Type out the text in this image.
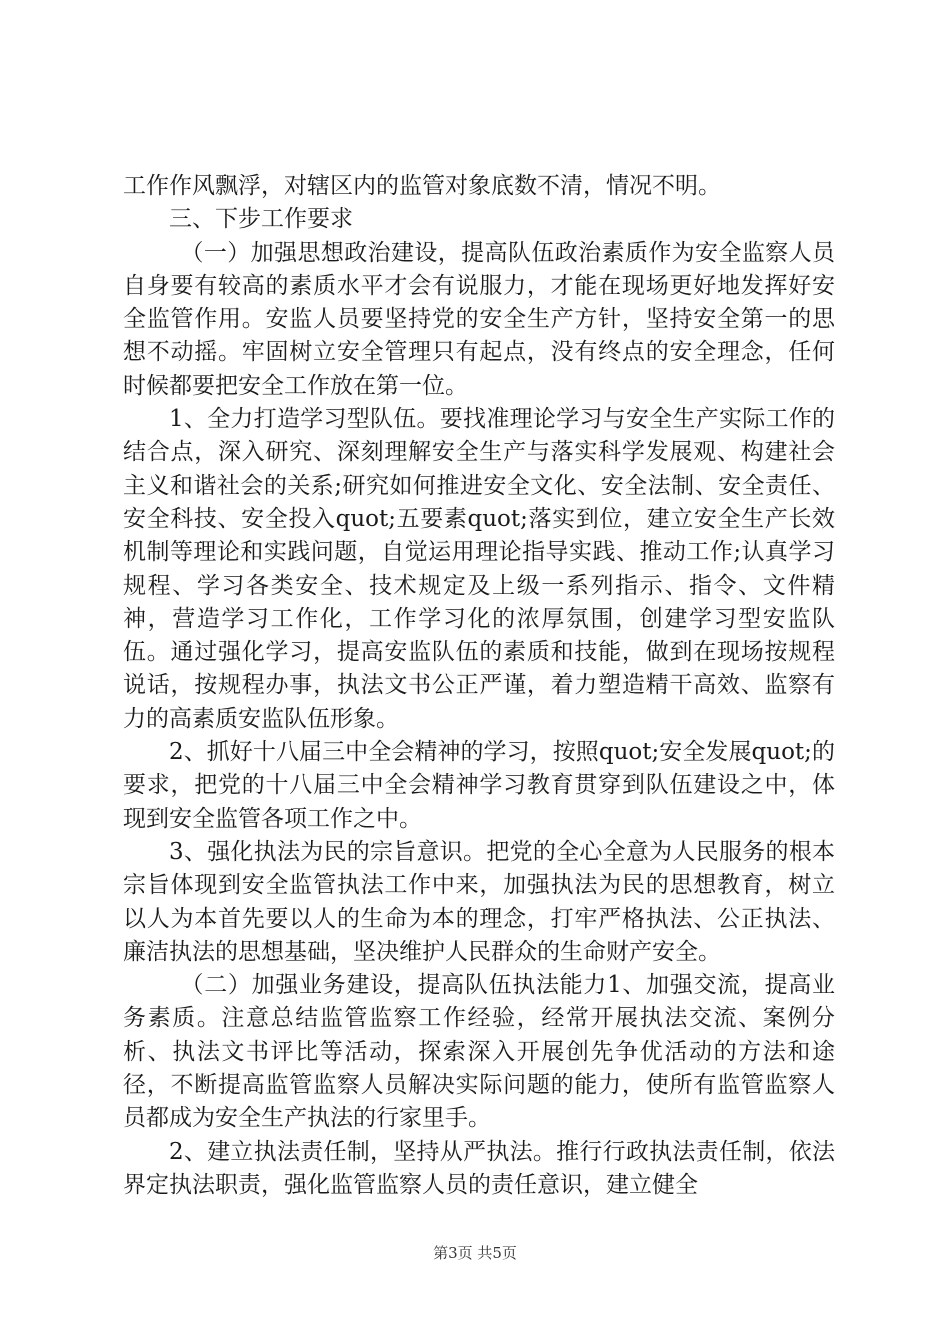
工作作风飘浮，对辖区内的监管对象底数不清，情况不明。

三、下步工作要求

（一）加强思想政治建设，提高队伍政治素质作为安全监察人员自身要有较高的素质水平才会有说服力，才能在现场更好地发挥好安全监管作用。安监人员要坚持党的安全生产方针，坚持安全第一的思想不动摇。牢固树立安全管理只有起点，没有终点的安全理念，任何时候都要把安全工作放在第一位。

1、全力打造学习型队伍。要找准理论学习与安全生产实际工作的结合点，深入研究、深刻理解安全生产与落实科学发展观、构建社会主义和谐社会的关系;研究如何推进安全文化、安全法制、安全责任、安全科技、安全投入quot;五要素quot;落实到位，建立安全生产长效机制等理论和实践问题，自觉运用理论指导实践、推动工作;认真学习规程、学习各类安全、技术规定及上级一系列指示、指令、文件精神，营造学习工作化，工作学习化的浓厚氛围，创建学习型安监队伍。通过强化学习，提高安监队伍的素质和技能，做到在现场按规程说话，按规程办事，执法文书公正严谨，着力塑造精干高效、监察有力的高素质安监队伍形象。

2、抓好十八届三中全会精神的学习，按照quot;安全发展quot;的要求，把党的十八届三中全会精神学习教育贯穿到队伍建设之中，体现到安全监管各项工作之中。

3、强化执法为民的宗旨意识。把党的全心全意为人民服务的根本宗旨体现到安全监管执法工作中来，加强执法为民的思想教育，树立以人为本首先要以人的生命为本的理念，打牢严格执法、公正执法、廉洁执法的思想基础，坚决维护人民群众的生命财产安全。

（二）加强业务建设，提高队伍执法能力1、加强交流，提高业务素质。注意总结监管监察工作经验，经常开展执法交流、案例分析、执法文书评比等活动，探索深入开展创先争优活动的方法和途径，不断提高监管监察人员解决实际问题的能力，使所有监管监察人员都成为安全生产执法的行家里手。

2、建立执法责任制，坚持从严执法。推行行政执法责任制，依法界定执法职责，强化监管监察人员的责任意识，建立健全

第3页 共5页
